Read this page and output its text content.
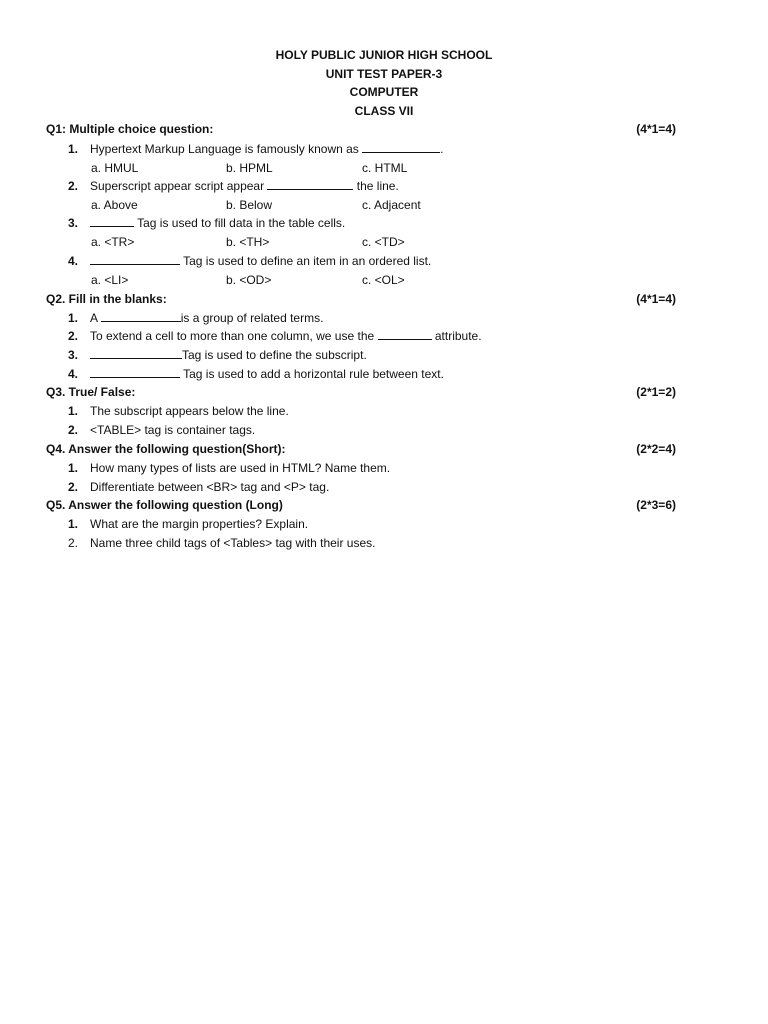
HOLY PUBLIC JUNIOR HIGH SCHOOL
UNIT TEST PAPER-3
COMPUTER
CLASS VII
Q1: Multiple choice question:	(4*1=4)
1. Hypertext Markup Language is famously known as	.
a. HMUL	b. HPML	c. HTML
2. Superscript appear script appear	the line.
a. Above	b. Below	c. Adjacent
3.	Tag is used to fill data in the table cells.
a. <TR>	b. <TH>	c. <TD>
4.	Tag is used to define an item in an ordered list.
a. <LI>	b. <OD>	c. <OL>
Q2. Fill in the blanks:	(4*1=4)
1. A	is a group of related terms.
2. To extend a cell to more than one column, we use the	attribute.
3.	Tag is used to define the subscript.
4.	Tag is used to add a horizontal rule between text.
Q3. True/ False:	(2*1=2)
1. The subscript appears below the line.
2. <TABLE> tag is container tags.
Q4. Answer the following question(Short):	(2*2=4)
1. How many types of lists are used in HTML? Name them.
2. Differentiate between <BR> tag and <P> tag.
Q5. Answer the following question (Long)	(2*3=6)
1. What are the margin properties? Explain.
2. Name three child tags of <Tables> tag with their uses.
